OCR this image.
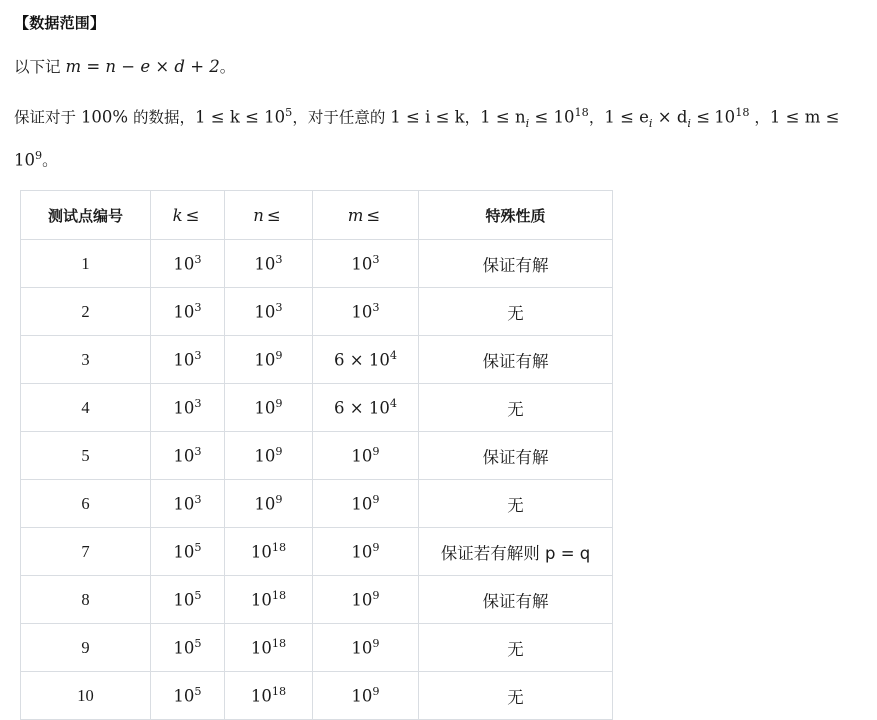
【数据范围】

以下记 m = n − e × d + 2。

保证对于 100% 的数据，$1 \le k \le 10^5$，对于任意的 1 ≤ i ≤ k，$1 \le n_i \le 10^{18}$，$1 \le e_i \times d_i \le 10^{18}$ ，$1 \le m \le 10^9$。

测试点编号	k ≤	n ≤	m ≤	特殊性质
1	$10^3$	$10^3$	$10^3$	保证有解
2	$10^3$	$10^3$	$10^3$	无
3	$10^3$	$10^9$	$6 \times 10^4$	保证有解
4	$10^3$	$10^9$	$6 \times 10^4$	无
5	$10^3$	$10^9$	$10^9$	保证有解
6	$10^3$	$10^9$	$10^9$	无
7	$10^5$	$10^{18}$	$10^9$	保证若有解则 p = q
8	$10^5$	$10^{18}$	$10^9$	保证有解
9	$10^5$	$10^{18}$	$10^9$	无
10	$10^5$	$10^{18}$	$10^9$	无
